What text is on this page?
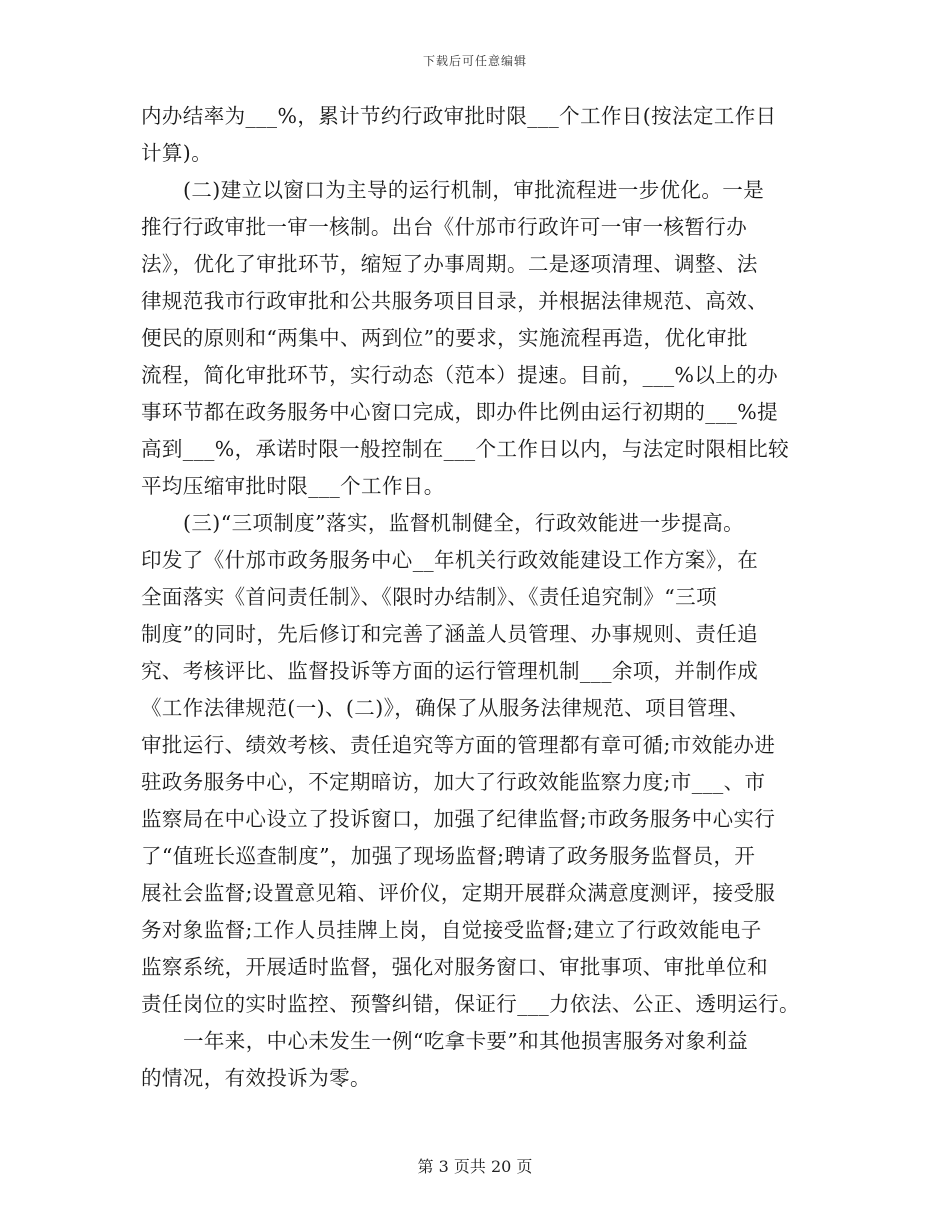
下载后可任意编辑
内办结率为___%，累计节约行政审批时限___个工作日(按法定工作日
计算)。
(二)建立以窗口为主导的运行机制，审批流程进一步优化。一是
推行行政审批一审一核制。出台《什邡市行政许可一审一核暂行办
法》，优化了审批环节，缩短了办事周期。二是逐项清理、调整、法
律规范我市行政审批和公共服务项目目录，并根据法律规范、高效、
便民的原则和“两集中、两到位”的要求，实施流程再造，优化审批
流程，简化审批环节，实行动态（范本）提速。目前，___%以上的办
事环节都在政务服务中心窗口完成，即办件比例由运行初期的___%提
高到___%，承诺时限一般控制在___个工作日以内，与法定时限相比较
平均压缩审批时限___个工作日。
(三)“三项制度”落实，监督机制健全，行政效能进一步提高。
印发了《什邡市政务服务中心__年机关行政效能建设工作方案》，在
全面落实《首问责任制》、《限时办结制》、《责任追究制》“三项
制度”的同时，先后修订和完善了涵盖人员管理、办事规则、责任追
究、考核评比、监督投诉等方面的运行管理机制___余项，并制作成
《工作法律规范(一)、(二)》，确保了从服务法律规范、项目管理、
审批运行、绩效考核、责任追究等方面的管理都有章可循;市效能办进
驻政务服务中心，不定期暗访，加大了行政效能监察力度;市___、市
监察局在中心设立了投诉窗口，加强了纪律监督;市政务服务中心实行
了“值班长巡查制度”，加强了现场监督;聘请了政务服务监督员，开
展社会监督;设置意见箱、评价仪，定期开展群众满意度测评，接受服
务对象监督;工作人员挂牌上岗，自觉接受监督;建立了行政效能电子
监察系统，开展适时监督，强化对服务窗口、审批事项、审批单位和
责任岗位的实时监控、预警纠错，保证行___力依法、公正、透明运行。
一年来，中心未发生一例“吃拿卡要”和其他损害服务对象利益
的情况，有效投诉为零。
第 3 页共 20 页
